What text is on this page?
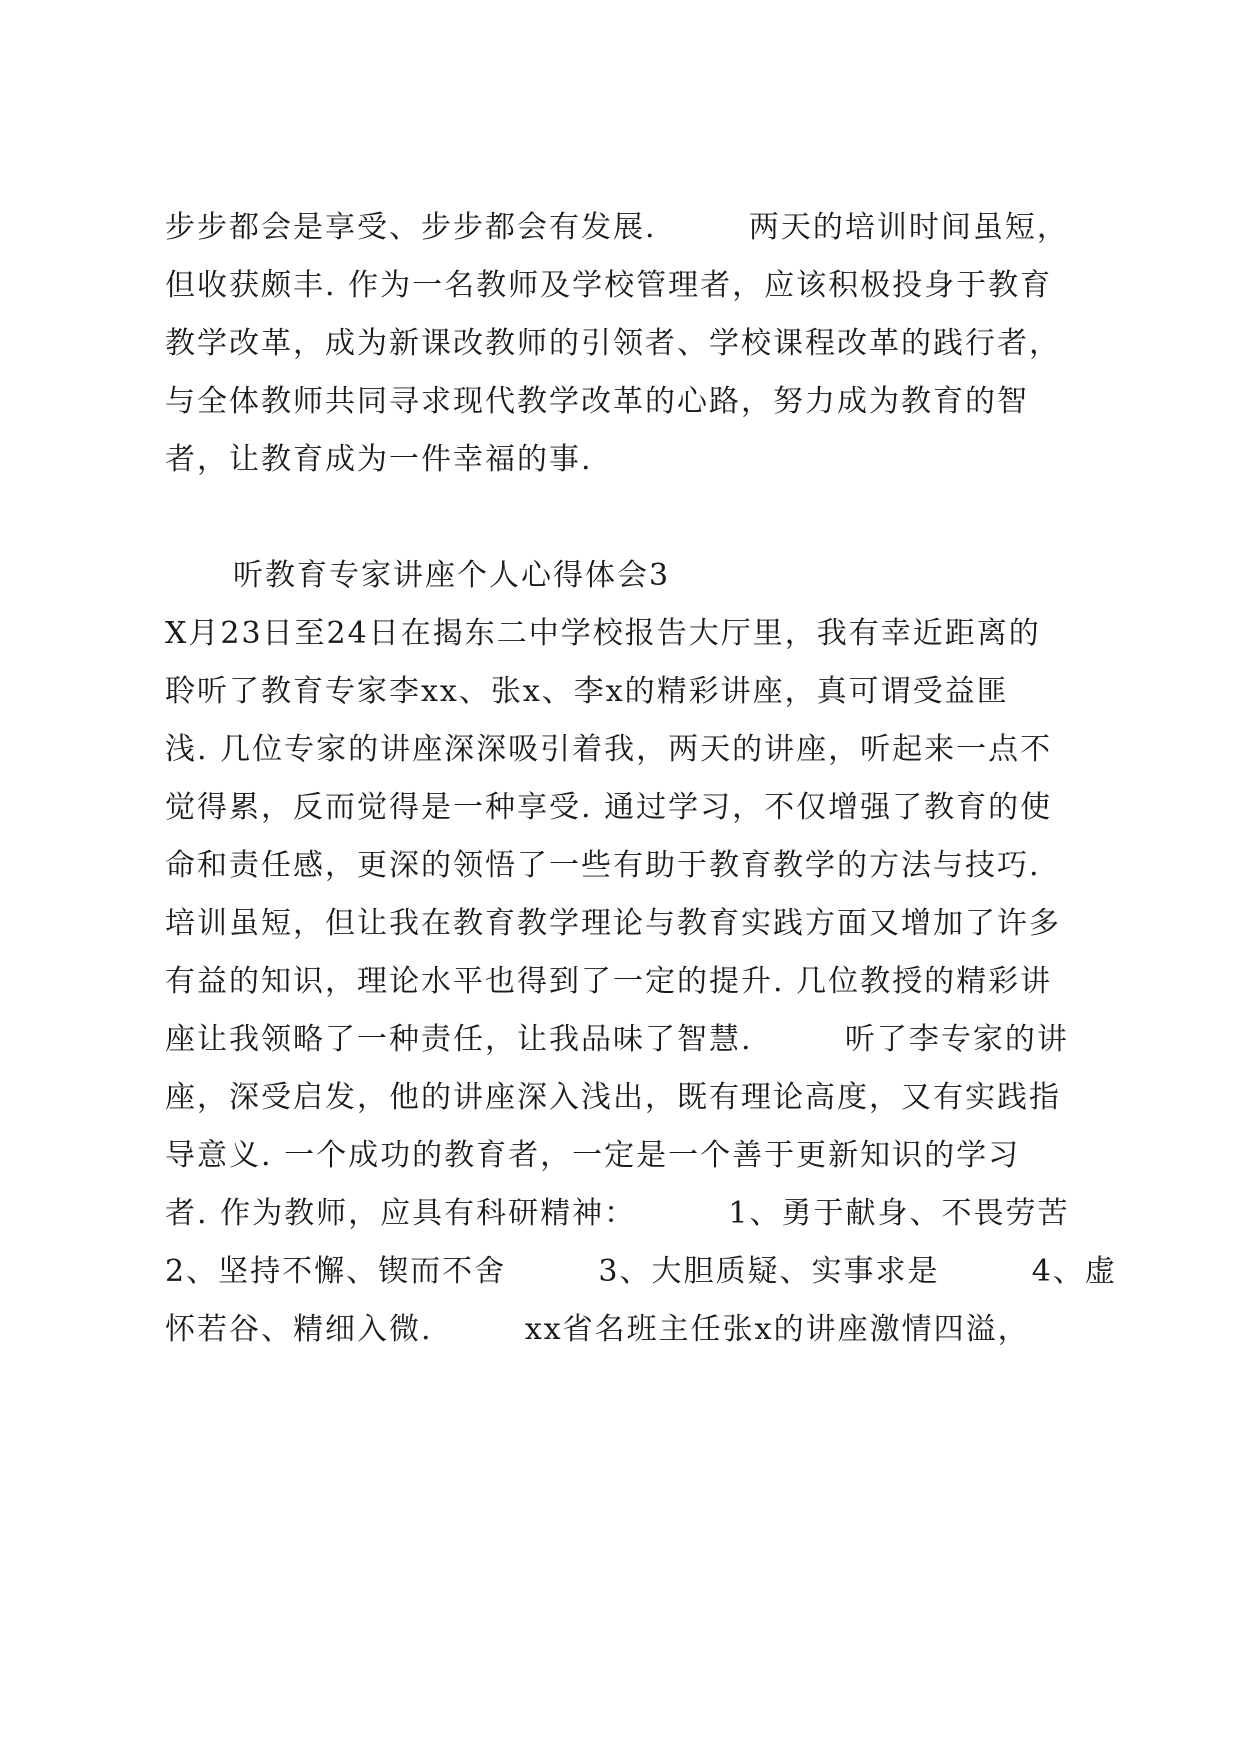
步步都会是享受、步步都会有发展.        两天的培训时间虽短，
但收获颇丰. 作为一名教师及学校管理者，应该积极投身于教育
教学改革，成为新课改教师的引领者、学校课程改革的践行者，
与全体教师共同寻求现代教学改革的心路，努力成为教育的智
者，让教育成为一件幸福的事.
听教育专家讲座个人心得体会3
X月23日至24日在揭东二中学校报告大厅里，我有幸近距离的
聆听了教育专家李xx、张x、李x的精彩讲座，真可谓受益匪
浅. 几位专家的讲座深深吸引着我，两天的讲座，听起来一点不
觉得累，反而觉得是一种享受. 通过学习，不仅增强了教育的使
命和责任感，更深的领悟了一些有助于教育教学的方法与技巧.
培训虽短，但让我在教育教学理论与教育实践方面又增加了许多
有益的知识，理论水平也得到了一定的提升. 几位教授的精彩讲
座让我领略了一种责任，让我品味了智慧.        听了李专家的讲
座，深受启发，他的讲座深入浅出，既有理论高度，又有实践指
导意义. 一个成功的教育者，一定是一个善于更新知识的学习
者. 作为教师，应具有科研精神：        1、勇于献身、不畏劳苦
2、坚持不懈、锲而不舍        3、大胆质疑、实事求是        4、虚
怀若谷、精细入微.        xx省名班主任张x的讲座激情四溢，
